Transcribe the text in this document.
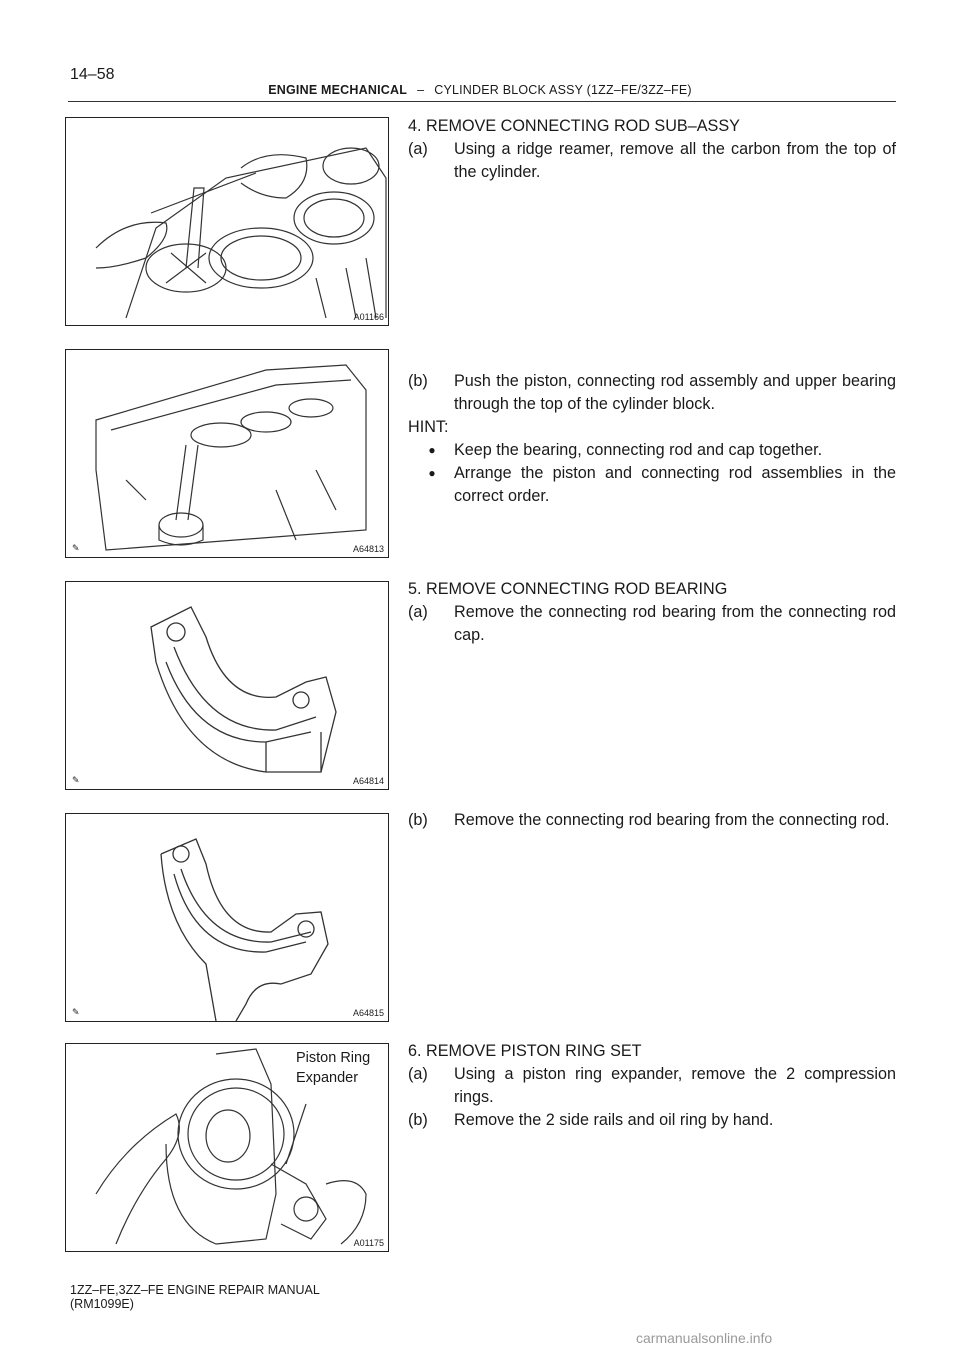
14–58
ENGINE MECHANICAL – CYLINDER BLOCK ASSY (1ZZ–FE/3ZZ–FE)
A01166
✎	A64813
✎	A64814
✎	A64815
Piston Ring
Expander
A01175
4. REMOVE CONNECTING ROD SUB–ASSY
(a)	Using a ridge reamer, remove all the carbon from the top of the cylinder.
(b)	Push the piston, connecting rod assembly and upper bearing through the top of the cylinder block.
HINT:
●	Keep the bearing, connecting rod and cap together.
●	Arrange the piston and connecting rod assemblies in the correct order.
5. REMOVE CONNECTING ROD BEARING
(a)	Remove the connecting rod bearing from the connecting rod cap.
(b)	Remove the connecting rod bearing from the connecting rod.
6. REMOVE PISTON RING SET
(a)	Using a piston ring expander, remove the 2 compression rings.
(b)	Remove the 2 side rails and oil ring by hand.
1ZZ–FE,3ZZ–FE ENGINE REPAIR MANUAL
(RM1099E)
carmanualsonline.info
